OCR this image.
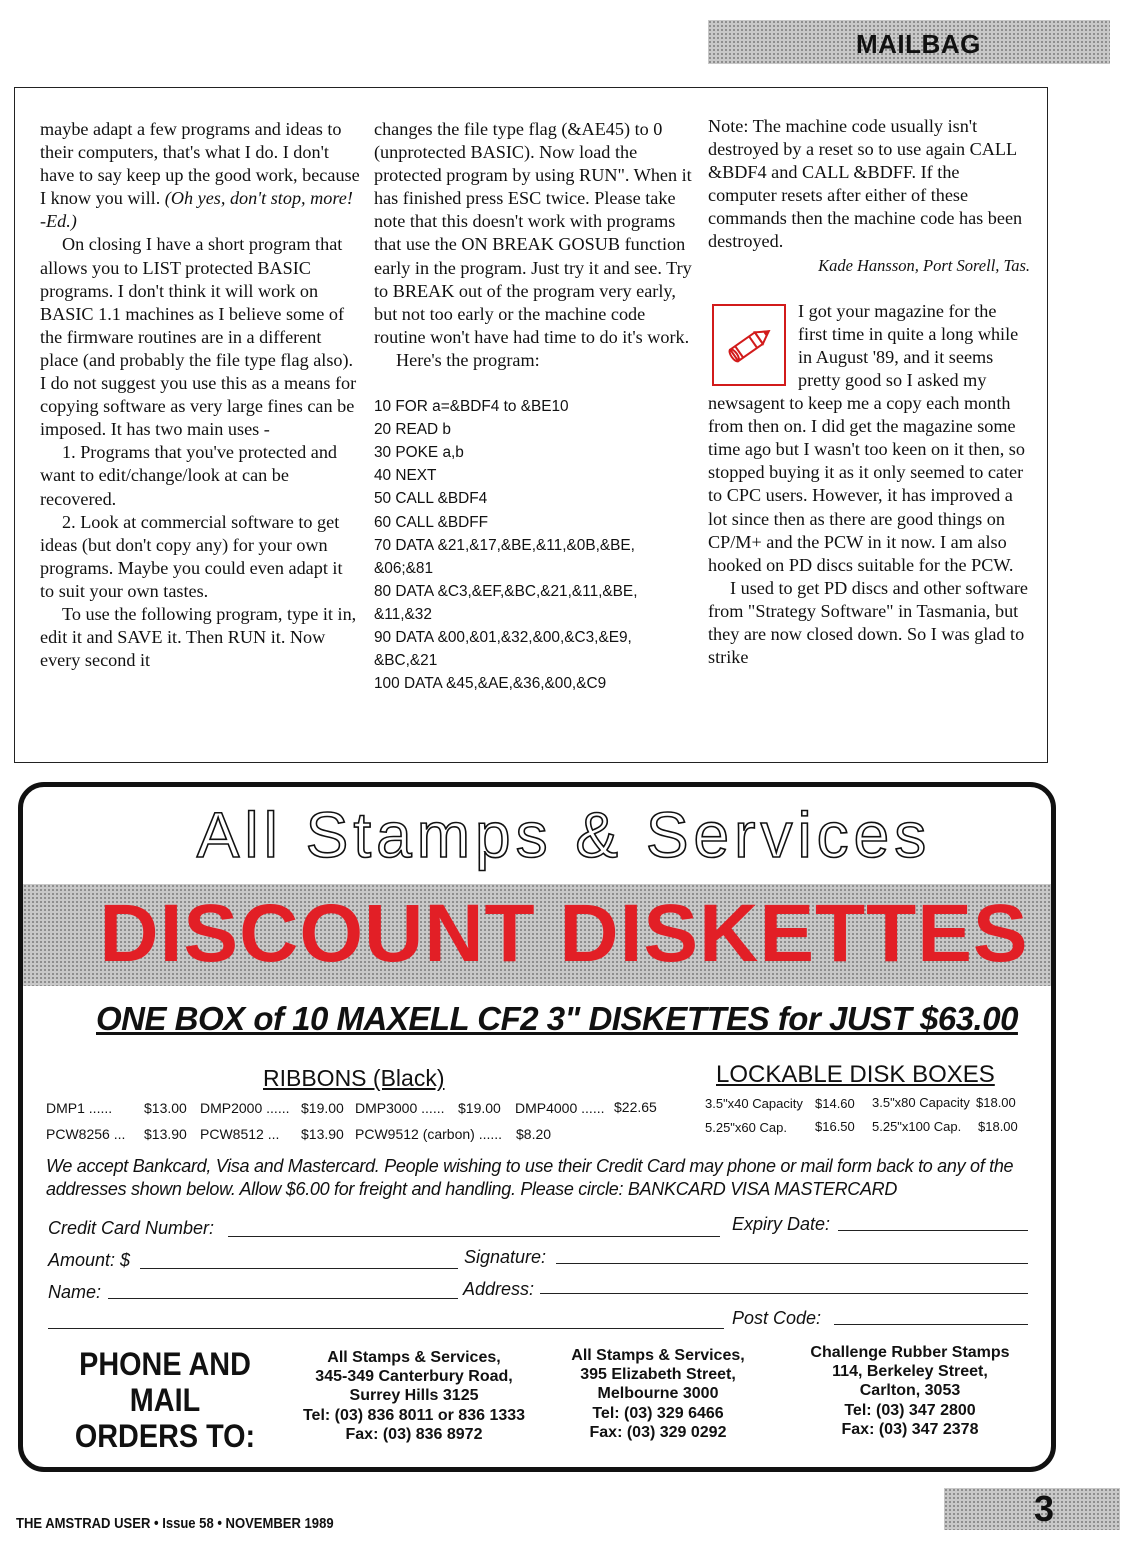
MAILBAG

maybe adapt a few programs and ideas to their computers, that's what I do. I don't have to say keep up the good work, because I know you will. (Oh yes, don't stop, more! -Ed.)

On closing I have a short program that allows you to LIST protected BASIC programs. I don't think it will work on BASIC 1.1 machines as I believe some of the firmware routines are in a different place (and probably the file type flag also). I do not suggest you use this as a means for copying software as very large fines can be imposed. It has two main uses -

1. Programs that you've protected and want to edit/change/look at can be recovered.

2. Look at commercial software to get ideas (but don't copy any) for your own programs. Maybe you could even adapt it to suit your own tastes.

To use the following program, type it in, edit it and SAVE it. Then RUN it. Now every second it

changes the file type flag (&AE45) to 0 (unprotected BASIC). Now load the protected program by using RUN". When it has finished press ESC twice. Please take note that this doesn't work with programs that use the ON BREAK GOSUB function early in the program. Just try it and see. Try to BREAK out of the program very early, but not too early or the machine code routine won't have had time to do it's work.

Here's the program:

10 FOR a=&BDF4 to &BE10
20 READ b
30 POKE a,b
40 NEXT
50 CALL &BDF4
60 CALL &BDFF
70 DATA &21,&17,&BE,&11,&0B,&BE,
&06;&81
80 DATA &C3,&EF,&BC,&21,&11,&BE,
&11,&32
90 DATA &00,&01,&32,&00,&C3,&E9,
&BC,&21
100 DATA &45,&AE,&36,&00,&C9

Note: The machine code usually isn't destroyed by a reset so to use again CALL &BDF4 and CALL &BDFF. If the computer resets after either of these commands then the machine code has been destroyed.

Kade Hansson, Port Sorell, Tas.

I got your magazine for the first time in quite a long while in August '89, and it seems pretty good so I asked my newsagent to keep me a copy each month from then on. I did get the magazine some time ago but I wasn't too keen on it then, so stopped buying it as it only seemed to cater to CPC users. However, it has improved a lot since then as there are good things on CP/M+ and the PCW in it now. I am also hooked on PD discs suitable for the PCW.

I used to get PD discs and other software from "Strategy Software" in Tasmania, but they are now closed down. So I was glad to strike

All Stamps & Services
DISCOUNT DISKETTES
ONE BOX of 10 MAXELL CF2 3" DISKETTES for JUST $63.00
RIBBONS (Black)	LOCKABLE DISK BOXES
DMP1 ...... $13.00 DMP2000 ...... $19.00 DMP3000 ...... $19.00 DMP4000 ...... $22.65
PCW8256 ... $13.90 PCW8512 ... $13.90 PCW9512 (carbon) ...... $8.20
3.5"x40 Capacity $14.60 3.5"x80 Capacity $18.00
5.25"x60 Cap. $16.50 5.25"x100 Cap. $18.00
We accept Bankcard, Visa and Mastercard. People wishing to use their Credit Card may phone or mail form back to any of the addresses shown below. Allow $6.00 for freight and handling. Please circle: BANKCARD VISA MASTERCARD
Credit Card Number:	Expiry Date:
Amount: $	Signature:
Name:	Address:
Post Code:
PHONE AND MAIL ORDERS TO:
All Stamps & Services,
345-349 Canterbury Road,
Surrey Hills 3125
Tel: (03) 836 8011 or 836 1333
Fax: (03) 836 8972
All Stamps & Services,
395 Elizabeth Street,
Melbourne 3000
Tel: (03) 329 6466
Fax: (03) 329 0292
Challenge Rubber Stamps
114, Berkeley Street,
Carlton, 3053
Tel: (03) 347 2800
Fax: (03) 347 2378
THE AMSTRAD USER • Issue 58 • NOVEMBER 1989	3
